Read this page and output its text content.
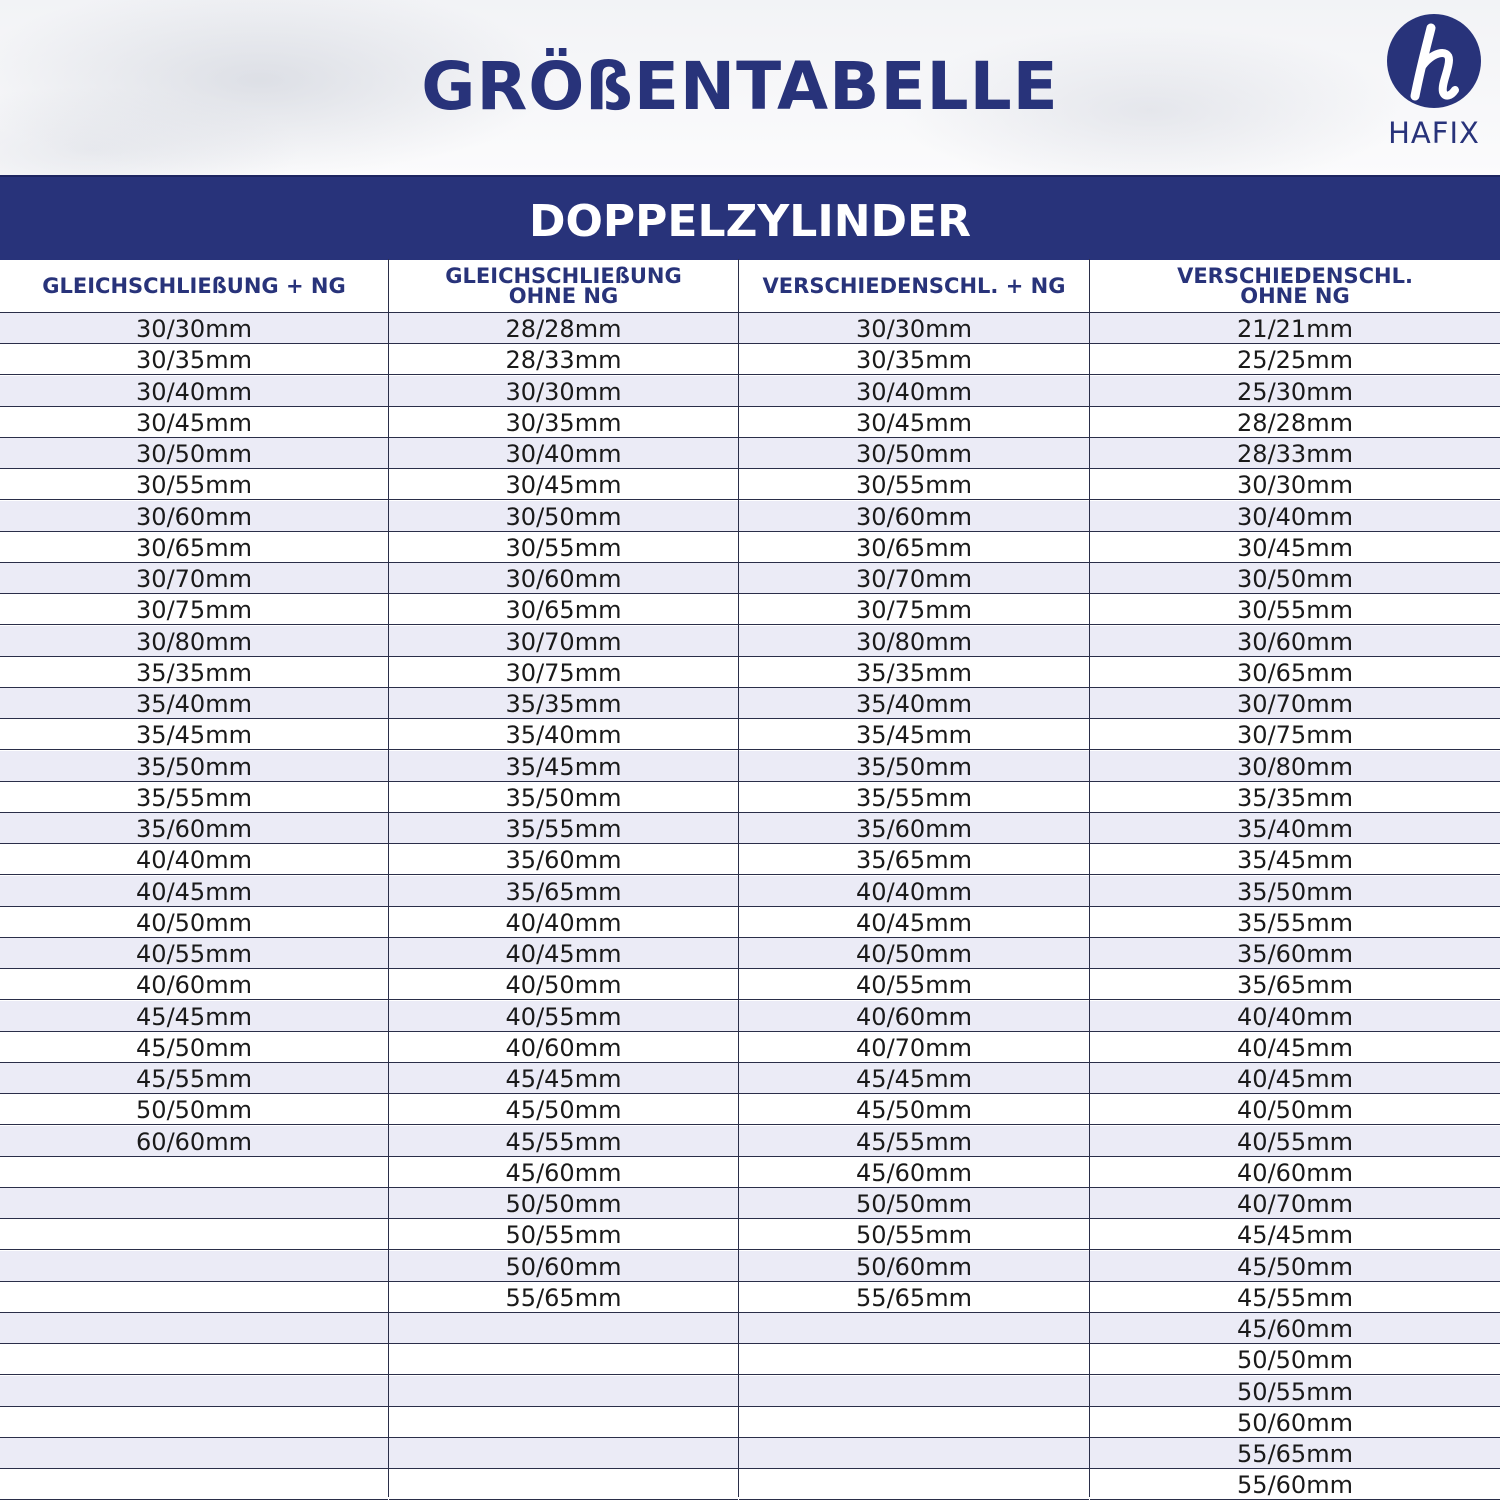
GRÖßENTABELLE
HAFIX
DOPPELZYLINDER
GLEICHSCHLIEßUNG + NG
30/30mm
30/35mm
30/40mm
30/45mm
30/50mm
30/55mm
30/60mm
30/65mm
30/70mm
30/75mm
30/80mm
35/35mm
35/40mm
35/45mm
35/50mm
35/55mm
35/60mm
40/40mm
40/45mm
40/50mm
40/55mm
40/60mm
45/45mm
45/50mm
45/55mm
50/50mm
60/60mm
GLEICHSCHLIEßUNG
OHNE NG
28/28mm
28/33mm
30/30mm
30/35mm
30/40mm
30/45mm
30/50mm
30/55mm
30/60mm
30/65mm
30/70mm
30/75mm
35/35mm
35/40mm
35/45mm
35/50mm
35/55mm
35/60mm
35/65mm
40/40mm
40/45mm
40/50mm
40/55mm
40/60mm
45/45mm
45/50mm
45/55mm
45/60mm
50/50mm
50/55mm
50/60mm
55/65mm
VERSCHIEDENSCHL. + NG
30/30mm
30/35mm
30/40mm
30/45mm
30/50mm
30/55mm
30/60mm
30/65mm
30/70mm
30/75mm
30/80mm
35/35mm
35/40mm
35/45mm
35/50mm
35/55mm
35/60mm
35/65mm
40/40mm
40/45mm
40/50mm
40/55mm
40/60mm
40/70mm
45/45mm
45/50mm
45/55mm
45/60mm
50/50mm
50/55mm
50/60mm
55/65mm
VERSCHIEDENSCHL.
OHNE NG
21/21mm
25/25mm
25/30mm
28/28mm
28/33mm
30/30mm
30/40mm
30/45mm
30/50mm
30/55mm
30/60mm
30/65mm
30/70mm
30/75mm
30/80mm
35/35mm
35/40mm
35/45mm
35/50mm
35/55mm
35/60mm
35/65mm
40/40mm
40/45mm
40/45mm
40/50mm
40/55mm
40/60mm
40/70mm
45/45mm
45/50mm
45/55mm
45/60mm
50/50mm
50/55mm
50/60mm
55/65mm
55/60mm
